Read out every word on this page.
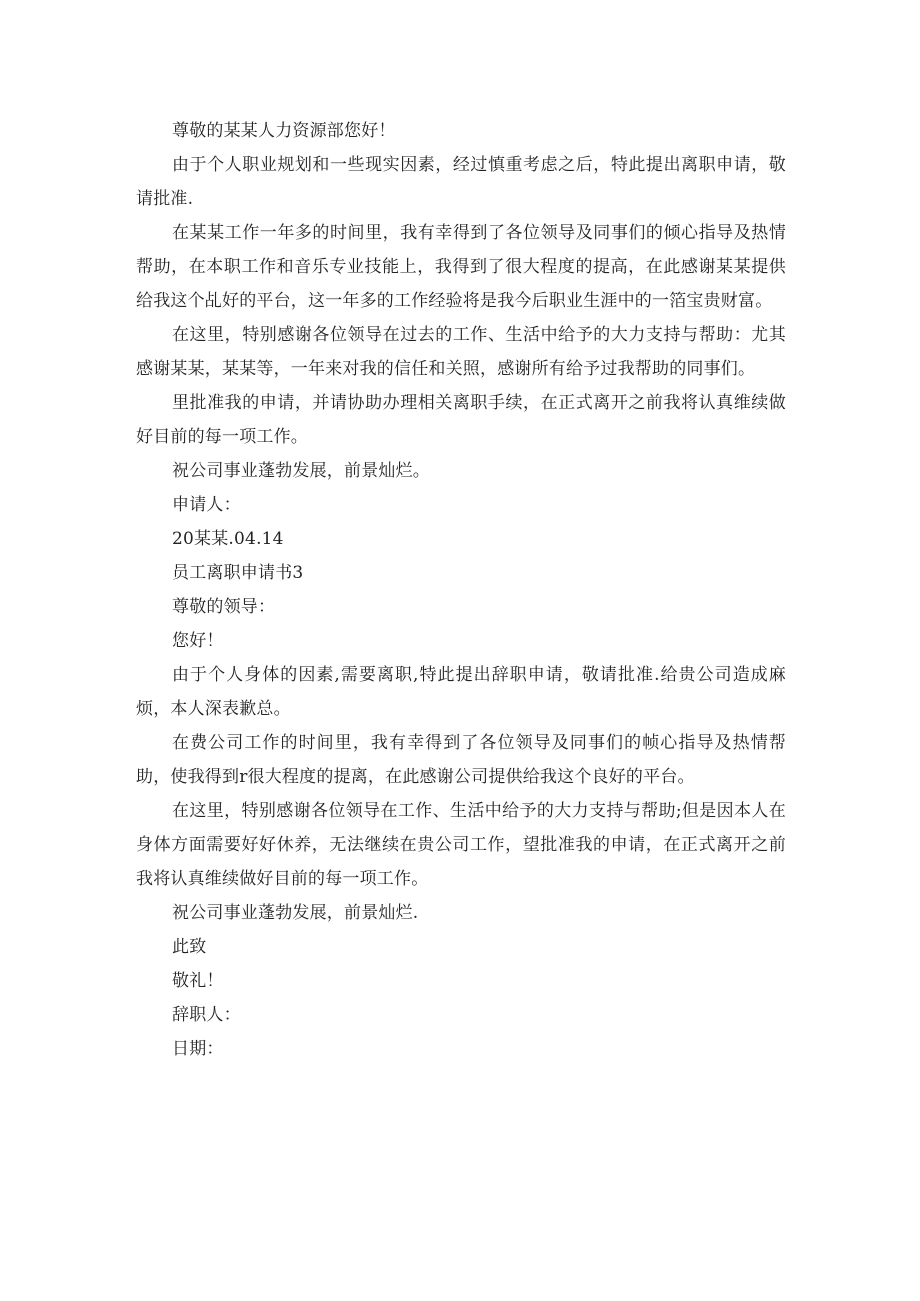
尊敬的某某人力资源部您好！

由于个人职业规划和一些现实因素，经过慎重考虑之后，特此提出离职申请，敬请批准.

在某某工作一年多的时间里，我有幸得到了各位领导及同事们的倾心指导及热情帮助，在本职工作和音乐专业技能上，我得到了很大程度的提高，在此感谢某某提供给我这个乩好的平台，这一年多的工作经验将是我今后职业生涯中的一箔宝贵财富。

在这里，特别感谢各位领导在过去的工作、生活中给予的大力支持与帮助：尤其感谢某某，某某等，一年来对我的信任和关照，感谢所有给予过我帮助的同事们。

里批准我的申请，并请协助办理相关离职手续，在正式离开之前我将认真维续做好目前的每一项工作。

祝公司事业蓬勃发展，前景灿烂。

申请人：

20某某.04.14

员工离职申请书3

尊敬的领导：

您好！

由于个人身体的因素,需要离职,特此提出辞职申请，敬请批准.给贵公司造成麻烦，本人深表歉总。

在费公司工作的时间里，我有幸得到了各位领导及同事们的帧心指导及热情帮助，使我得到r很大程度的提离，在此感谢公司提供给我这个良好的平台。

在这里，特别感谢各位领导在工作、生活中给予的大力支持与帮助;但是因本人在身体方面需要好好休养，无法继续在贵公司工作，望批准我的申请，在正式离开之前我将认真维续做好目前的每一项工作。

祝公司事业蓬勃发展，前景灿烂.

此致

敬礼！

辞职人：

日期：
